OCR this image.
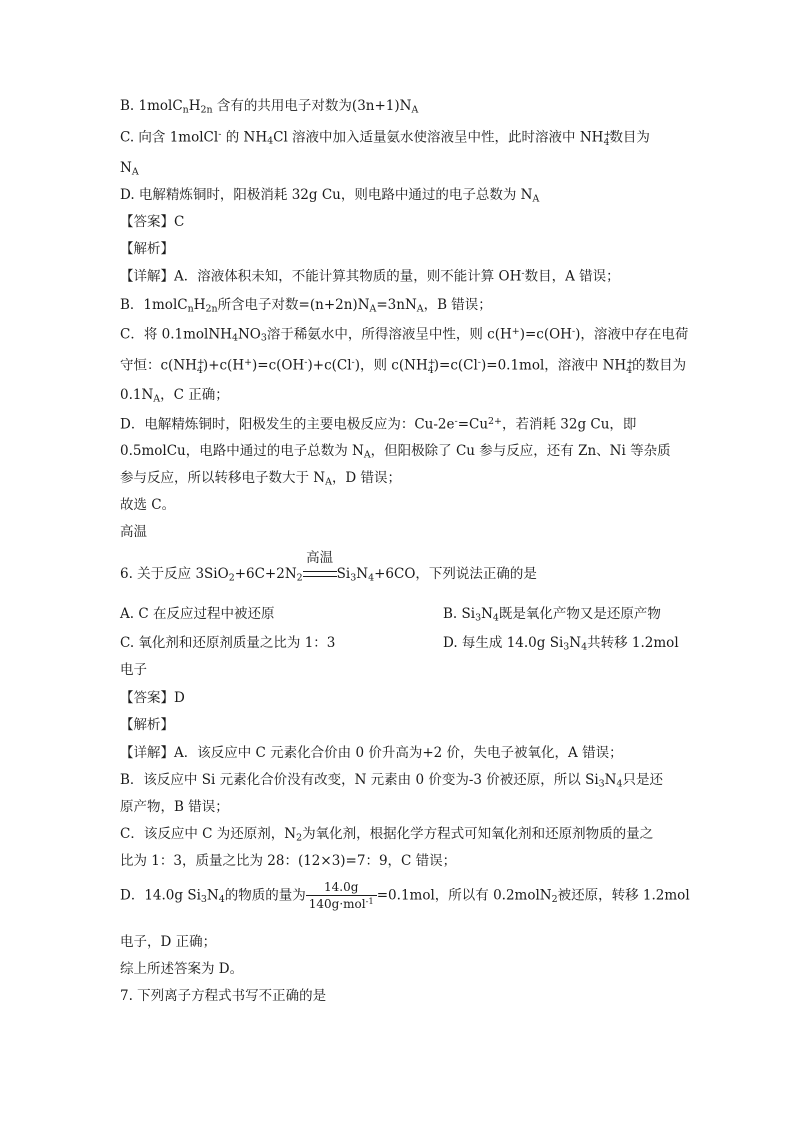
B. $1molC_nH_{2n}$ 含有的共用电子对数为$(3n+1)N_A$
C. 向含 1molCl- 的 $NH_4Cl$ 溶液中加入适量氨水使溶液呈中性，此时溶液中 NH +
4 数目为
$N_A$
D. 电解精炼铜时，阳极消耗 32g Cu，则电路中通过的电子总数为 $N_A$
【答案】C
【解析】
【详解】A．溶液体积未知，不能计算其物质的量，则不能计算 OH-数目，A 错误；
B．$1molC_nH_{2n}$所含电子对数$=(n+2n)N_A=3nN_A$，B 错误；
C．将 $0.1molNH_4NO_3$溶于稀氨水中，所得溶液呈中性，则 c(H+)=c(OH-)，溶液中存在电荷
守恒：c(NH +
4 )+c(H+)=c(OH-)+c(Cl-)，则 c(NH +
4 )=c(Cl-)=0.1mol，溶液中 NH +
4 的数目为
$0.1N_A$，C 正确；
D．电解精炼铜时，阳极发生的主要电极反应为：$Cu-2e^-=Cu^{2+}$，若消耗 32g Cu，即
0.5molCu，电路中通过的电子总数为 $N_A$，但阳极除了 Cu 参与反应，还有 Zn、Ni 等杂质
参与反应，所以转移电子数大于 $N_A$，D 错误；
故选 C。
高温
6. 关于反应 $3SiO_2+6C+2N_2$
高温
$Si_3N_4+6CO$，下列说法正确的是
A. C 在反应过程中被还原	B. $Si_3N_4$既是氧化产物又是还原产物
C. 氧化剂和还原剂质量之比为 1：3	D. 每生成 14.0g $Si_3N_4$共转移 1.2mol
电子
【答案】D
【解析】
【详解】A．该反应中 C 元素化合价由 0 价升高为+2 价，失电子被氧化，A 错误；
B．该反应中 Si 元素化合价没有改变，N 元素由 0 价变为-3 价被还原，所以 $Si_3N_4$只是还
原产物，B 错误；
C．该反应中 C 为还原剂，$N_2$为氧化剂，根据化学方程式可知氧化剂和还原剂物质的量之
比为 1：3，质量之比为 28：(12×3)=7：9，C 错误；
D．14.0g $Si_3N_4$的物质的量为 $\frac{14.0g}{140g\cdot mol^{-1}} =0.1mol$，所以有 0.2molN$_2$被还原，转移 1.2mol
电子，D 正确；
综上所述答案为 D。
7. 下列离子方程式书写不正确的是
